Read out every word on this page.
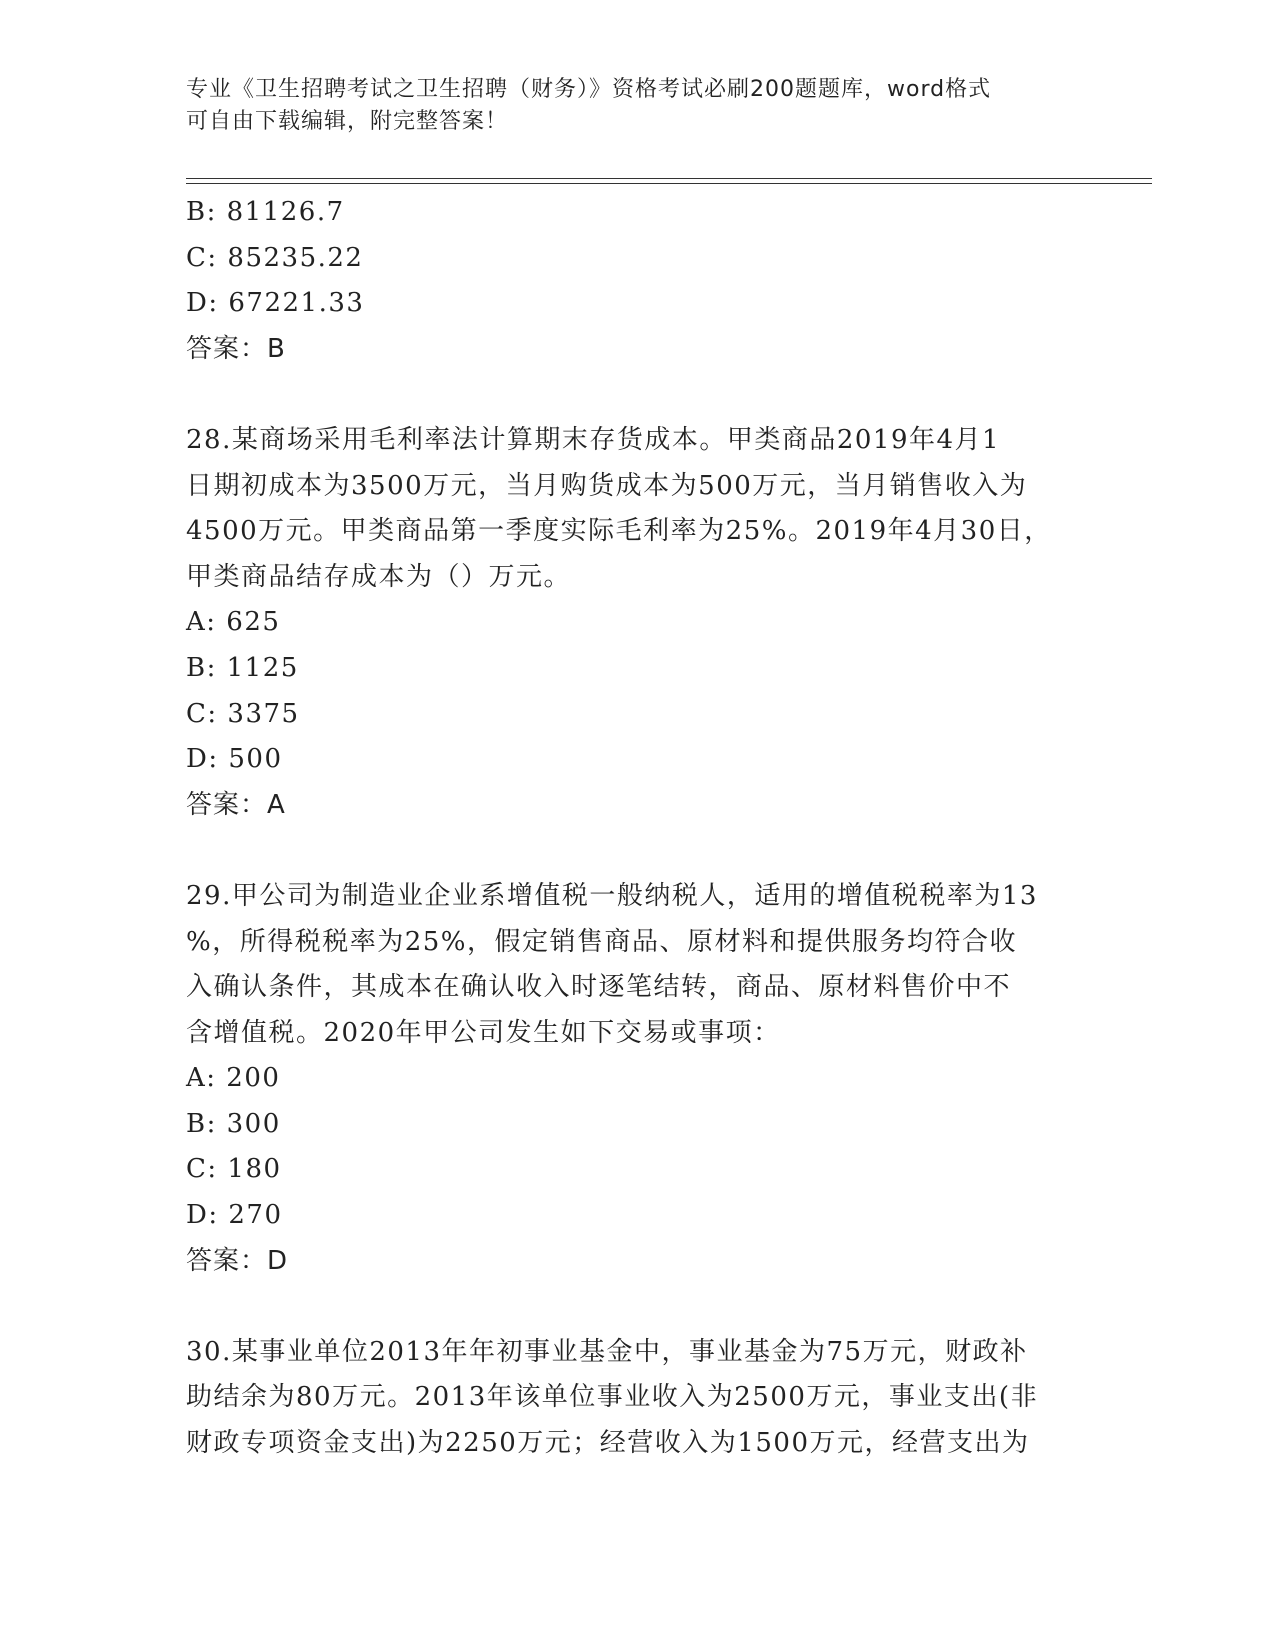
专业《卫生招聘考试之卫生招聘（财务）》资格考试必刷200题题库，word格式
可自由下载编辑，附完整答案！
B: 81126.7
C: 85235.22
D: 67221.33
答案：B
28.某商场采用毛利率法计算期末存货成本。甲类商品2019年4月1
日期初成本为3500万元，当月购货成本为500万元，当月销售收入为
4500万元。甲类商品第一季度实际毛利率为25%。2019年4月30日，
甲类商品结存成本为（）万元。
A: 625
B: 1125
C: 3375
D: 500
答案：A
29.甲公司为制造业企业系增值税一般纳税人，适用的增值税税率为13
%，所得税税率为25%，假定销售商品、原材料和提供服务均符合收
入确认条件，其成本在确认收入时逐笔结转，商品、原材料售价中不
含增值税。2020年甲公司发生如下交易或事项：
A: 200
B: 300
C: 180
D: 270
答案：D
30.某事业单位2013年年初事业基金中，事业基金为75万元，财政补
助结余为80万元。2013年该单位事业收入为2500万元，事业支出(非
财政专项资金支出)为2250万元；经营收入为1500万元，经营支出为
